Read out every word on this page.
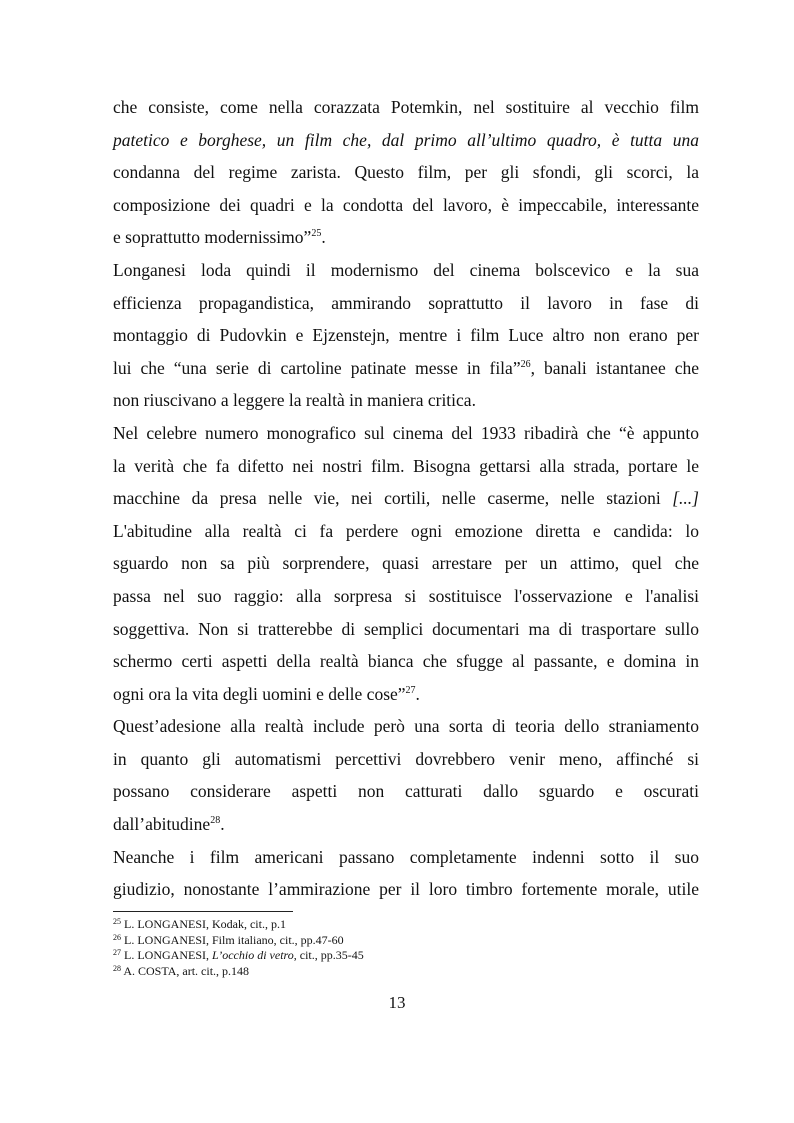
che consiste, come nella corazzata Potemkin, nel sostituire al vecchio film
patetico e borghese, un film che, dal primo all’ultimo quadro, è tutta una
condanna del regime zarista. Questo film, per gli sfondi, gli scorci, la
composizione dei quadri e la condotta del lavoro, è impeccabile, interessante
e soprattutto modernissimo”$^{25}$.
Longanesi loda quindi il modernismo del cinema bolscevico e la sua
efficienza propagandistica, ammirando soprattutto il lavoro in fase di
montaggio di Pudovkin e Ejzenstejn, mentre i film Luce altro non erano per
lui che “una serie di cartoline patinate messe in fila”$^{26}$, banali istantanee che
non riuscivano a leggere la realtà in maniera critica.
Nel celebre numero monografico sul cinema del 1933 ribadirà che “è appunto
la verità che fa difetto nei nostri film. Bisogna gettarsi alla strada, portare le
macchine da presa nelle vie, nei cortili, nelle caserme, nelle stazioni [...]
L'abitudine alla realtà ci fa perdere ogni emozione diretta e candida: lo
sguardo non sa più sorprendere, quasi arrestare per un attimo, quel che
passa nel suo raggio: alla sorpresa si sostituisce l'osservazione e l'analisi
soggettiva. Non si tratterebbe di semplici documentari ma di trasportare sullo
schermo certi aspetti della realtà bianca che sfugge al passante, e domina in
ogni ora la vita degli uomini e delle cose”$^{27}$.
Quest’adesione alla realtà include però una sorta di teoria dello straniamento
in quanto gli automatismi percettivi dovrebbero venir meno, affinché si
possano considerare aspetti non catturati dallo sguardo e oscurati
dall’abitudine$^{28}$.
Neanche i film americani passano completamente indenni sotto il suo
giudizio, nonostante l’ammirazione per il loro timbro fortemente morale, utile
$^{25}$ L. LONGANESI, Kodak, cit., p.1
$^{26}$ L. LONGANESI, Film italiano, cit., pp.47-60
$^{27}$ L. LONGANESI, L’occhio di vetro, cit., pp.35-45
$^{28}$ A. COSTA, art. cit., p.148
13
